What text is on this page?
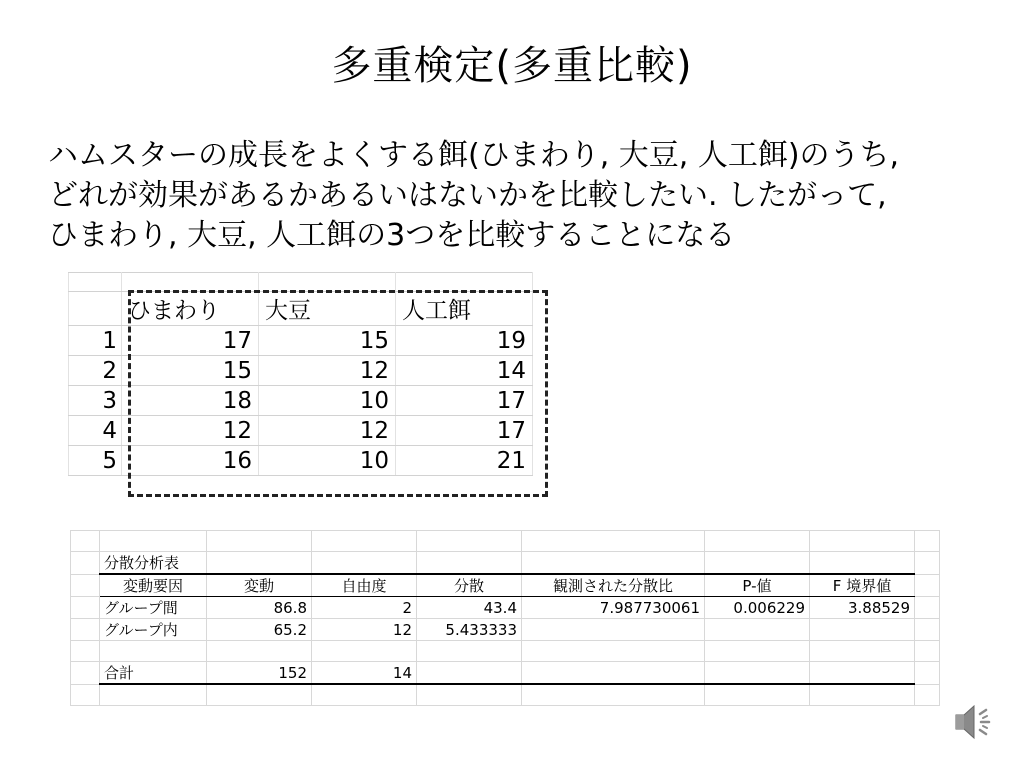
多重検定(多重比較)
ハムスターの成長をよくする餌(ひまわり, 大豆, 人工餌)のうち,
どれが効果があるかあるいはないかを比較したい. したがって,
ひまわり, 大豆, 人工餌の3つを比較することになる

	ひまわり	大豆	人工餌
1	17	15	19
2	15	12	14
3	18	10	17
4	12	12	17
5	16	10	21

	分散分析表							
	変動要因	変動	自由度	分散	観測された分散比	P-値	F 境界値	
	グループ間	86.8	2	43.4	7.987730061	0.006229	3.88529	
	グループ内	65.2	12	5.433333				

	合計	152	14					
